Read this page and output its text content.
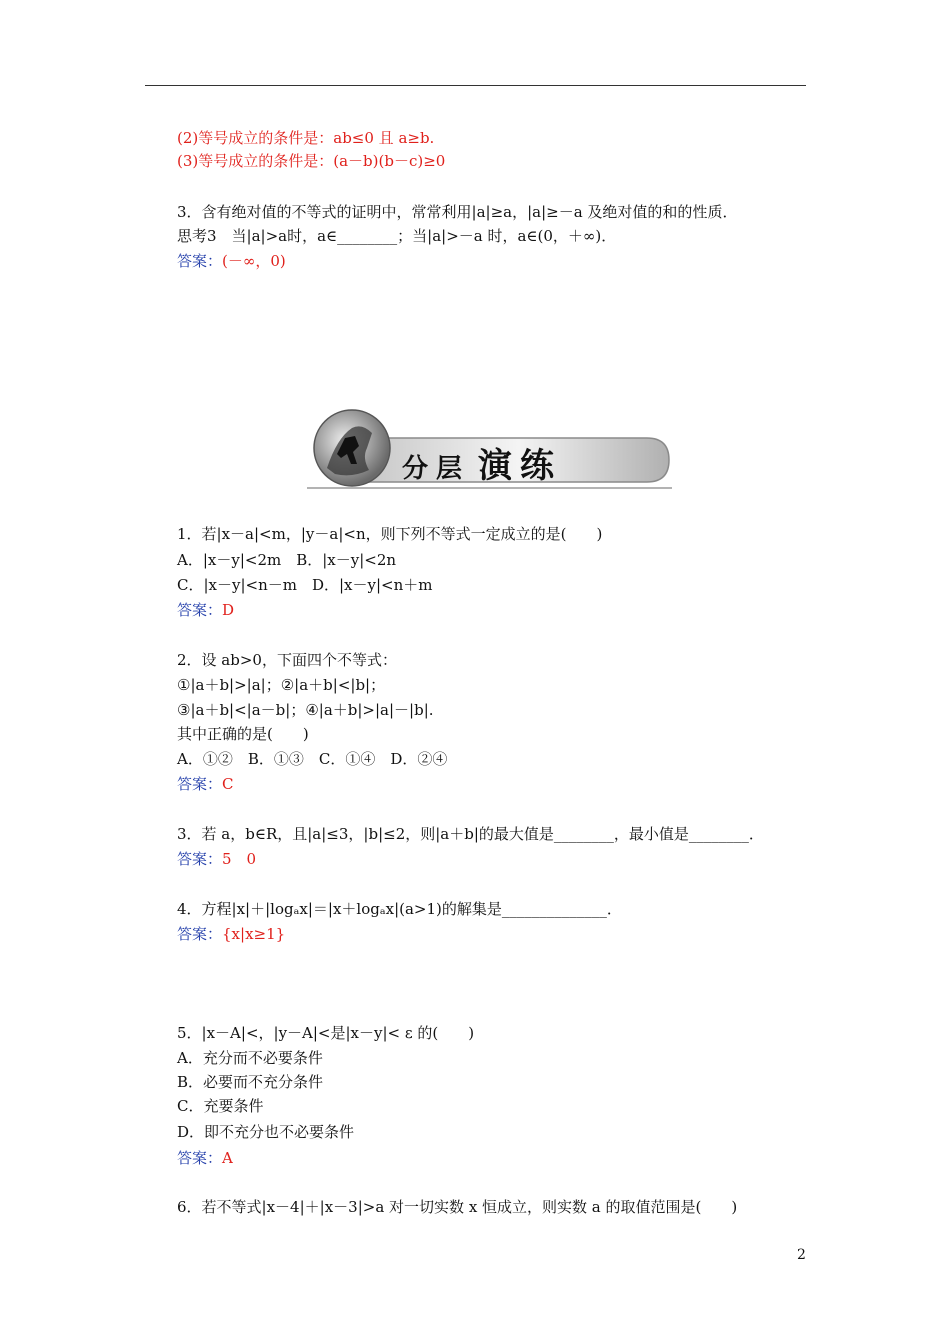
(2)等号成立的条件是：ab≤0 且 a≥b.
(3)等号成立的条件是：(a－b)(b－c)≥0
3．含有绝对值的不等式的证明中，常常利用|a|≥a，|a|≥－a 及绝对值的和的性质．
思考3　当|a|>a时，a∈________；当|a|>－a 时，a∈(0，＋∞)．
答案：(－∞，0)
分层 演练
1．若|x－a|<m，|y－a|<n，则下列不等式一定成立的是(　　)
A．|x－y|<2m　B．|x－y|<2n
C．|x－y|<n－m　D．|x－y|<n＋m
答案：D
2．设 ab>0，下面四个不等式：
①|a＋b|>|a|；②|a＋b|<|b|；
③|a＋b|<|a－b|；④|a＋b|>|a|－|b|.
其中正确的是(　　)
A．①②　B．①③　C．①④　D．②④
答案：C
3．若 a，b∈R，且|a|≤3，|b|≤2，则|a＋b|的最大值是________，最小值是________．
答案：5　0
4．方程|x|＋|logₐx|＝|x＋logₐx|(a>1)的解集是______________．
答案：{x|x≥1}
5．|x－A|<，|y－A|<是|x－y|< ε 的(　　)
A．充分而不必要条件
B．必要而不充分条件
C．充要条件
D．即不充分也不必要条件
答案：A
6．若不等式|x－4|＋|x－3|>a 对一切实数 x 恒成立，则实数 a 的取值范围是(　　)
2
